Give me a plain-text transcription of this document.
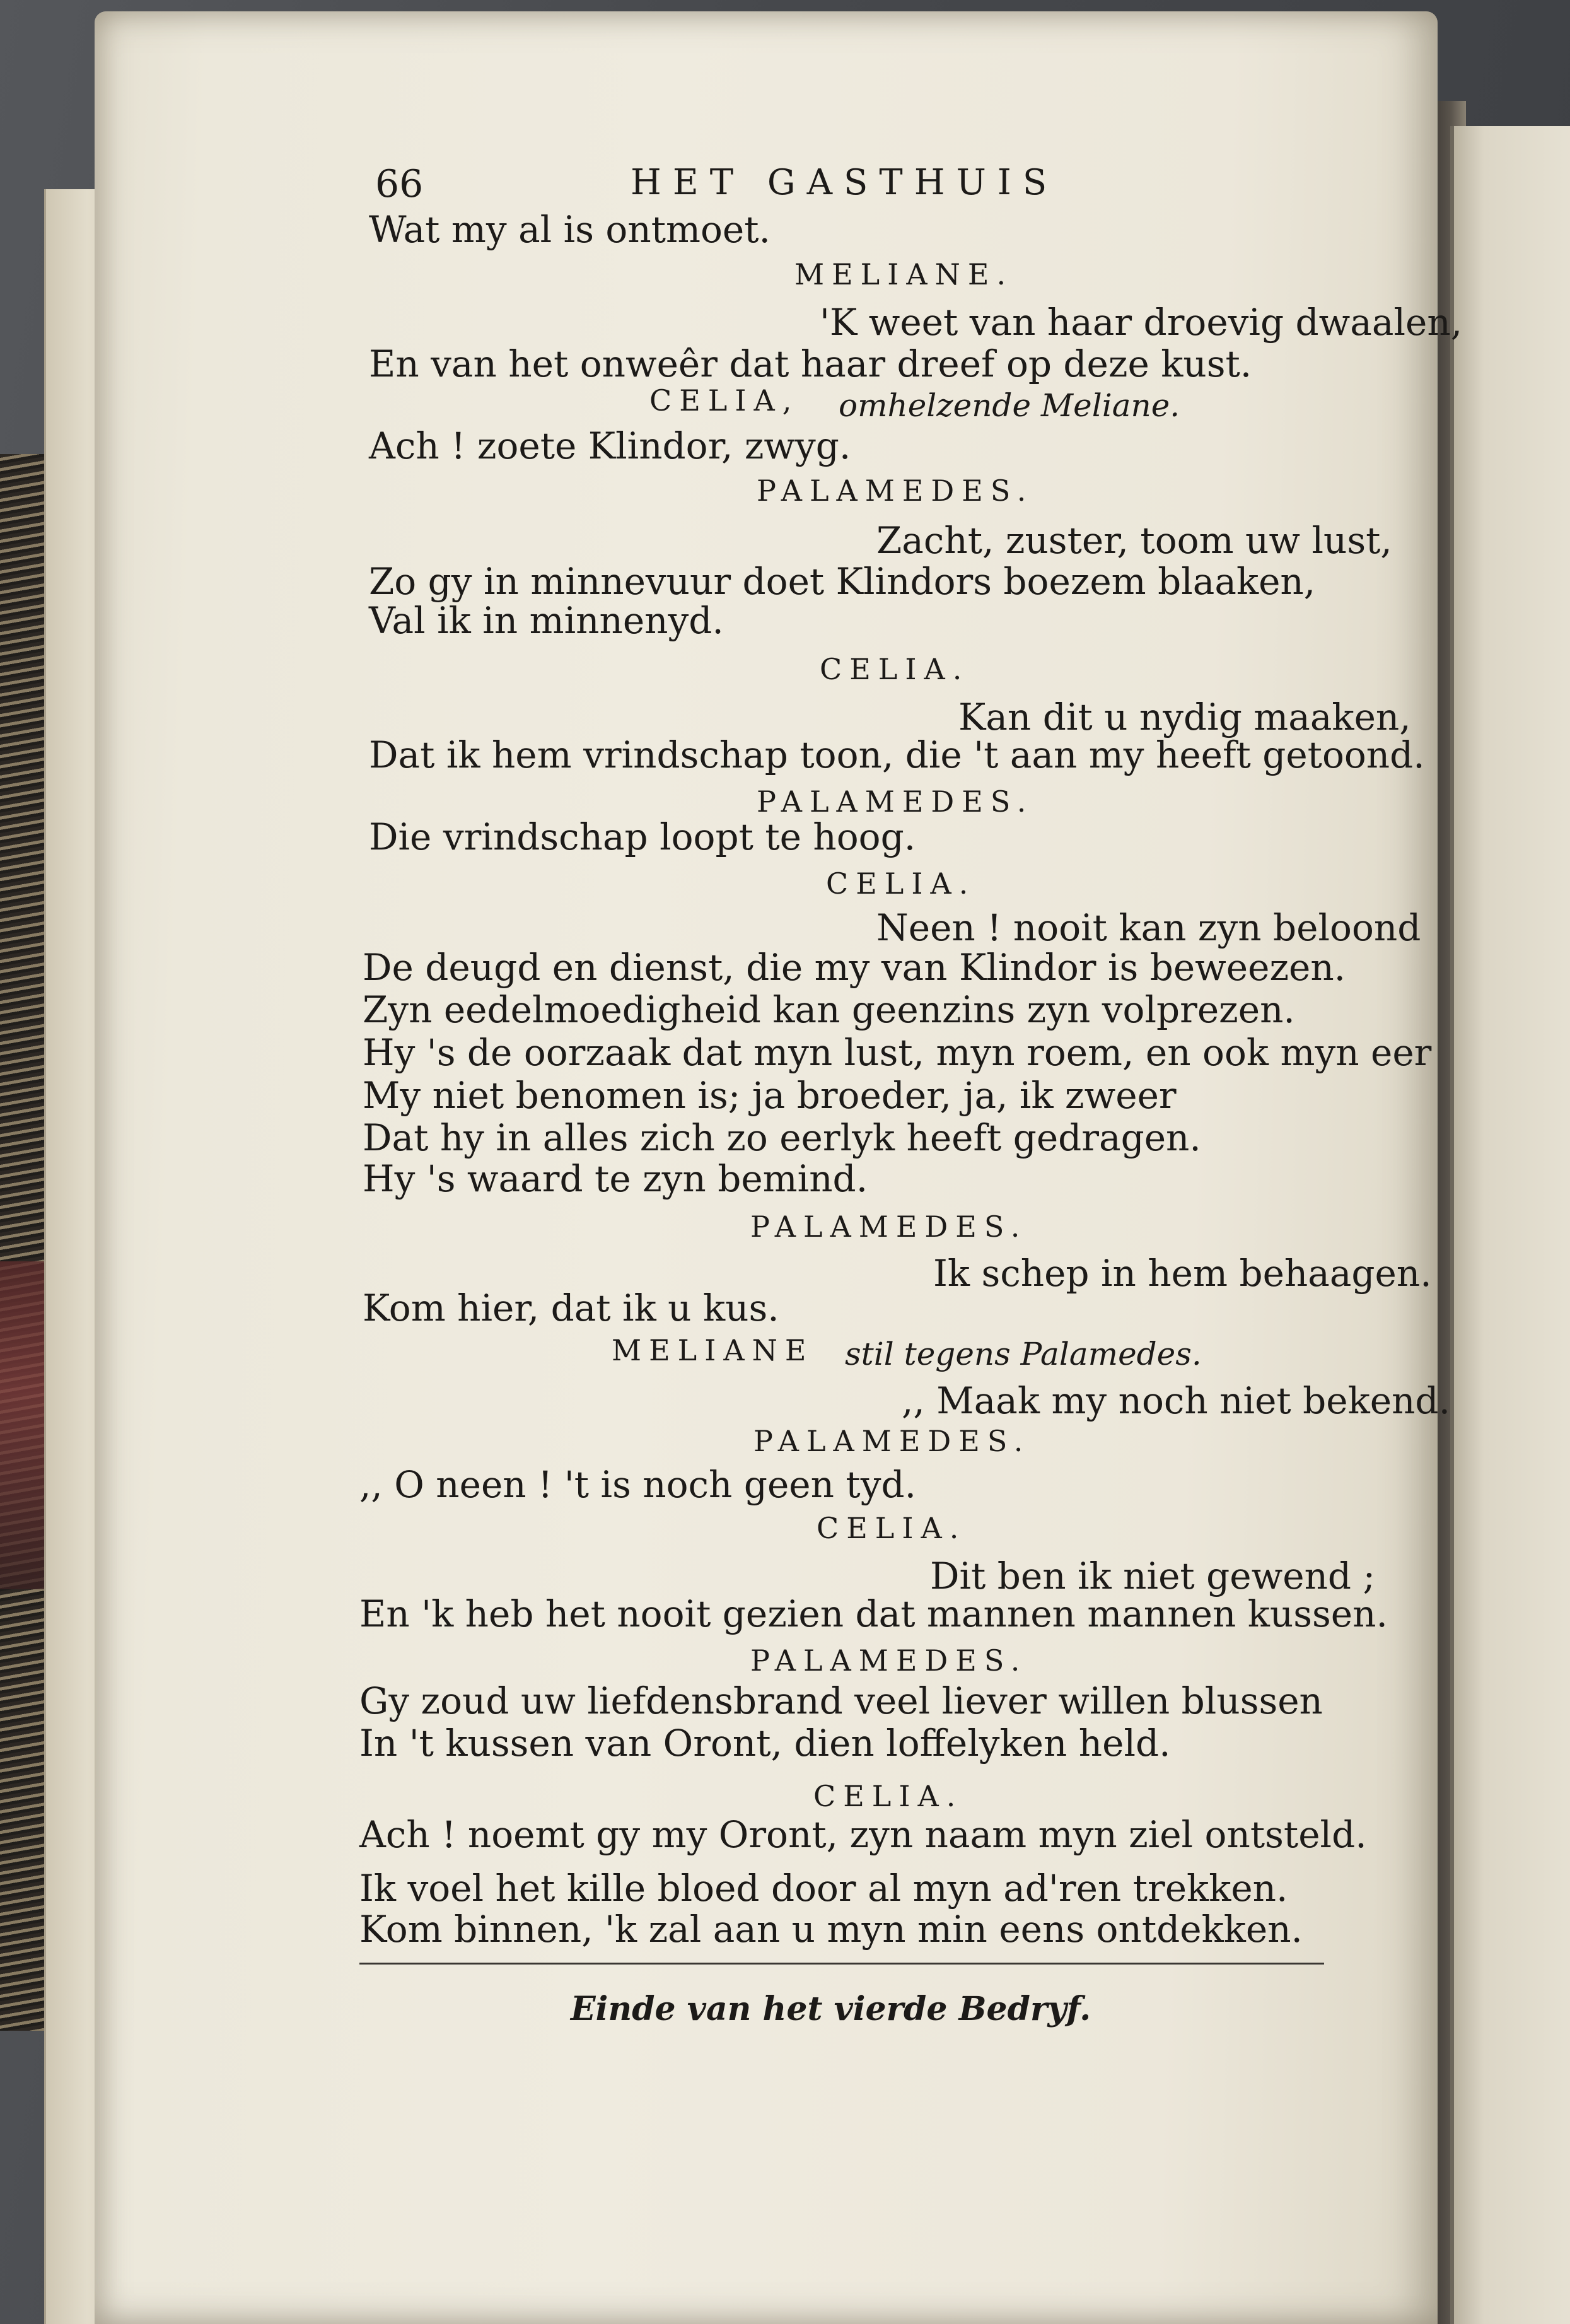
66	HET GASTHUIS

Wat my al is ontmoet.

MELIANE.

'K weet van haar droevig dwaalen,

En van het onweêr dat haar dreef op deze kust.

CELIA, omhelzende Meliane.

Ach ! zoete Klindor, zwyg.

PALAMEDES.

Zacht, zuster, toom uw lust,

Zo gy in minnevuur doet Klindors boezem blaaken,

Val ik in minnenyd.

CELIA.

Kan dit u nydig maaken,

Dat ik hem vrindschap toon, die 't aan my heeft getoond.

PALAMEDES.

Die vrindschap loopt te hoog.

CELIA.

Neen ! nooit kan zyn beloond

De deugd en dienst, die my van Klindor is beweezen.

Zyn eedelmoedigheid kan geenzins zyn volprezen.

Hy 's de oorzaak dat myn lust, myn roem, en ook myn eer

My niet benomen is; ja broeder, ja, ik zweer

Dat hy in alles zich zo eerlyk heeft gedragen.

Hy 's waard te zyn bemind.

PALAMEDES.

Ik schep in hem behaagen.

Kom hier, dat ik u kus.

MELIANE stil tegens Palamedes.

,, Maak my noch niet bekend.

PALAMEDES.

,, O neen ! 't is noch geen tyd.

CELIA.

Dit ben ik niet gewend ;

En 'k heb het nooit gezien dat mannen mannen kussen.

PALAMEDES.

Gy zoud uw liefdensbrand veel liever willen blussen

In 't kussen van Oront, dien loffelyken held.

CELIA.

Ach ! noemt gy my Oront, zyn naam myn ziel ontsteld.

Ik voel het kille bloed door al myn ad'ren trekken.

Kom binnen, 'k zal aan u myn min eens ontdekken.

Einde van het vierde Bedryf.
